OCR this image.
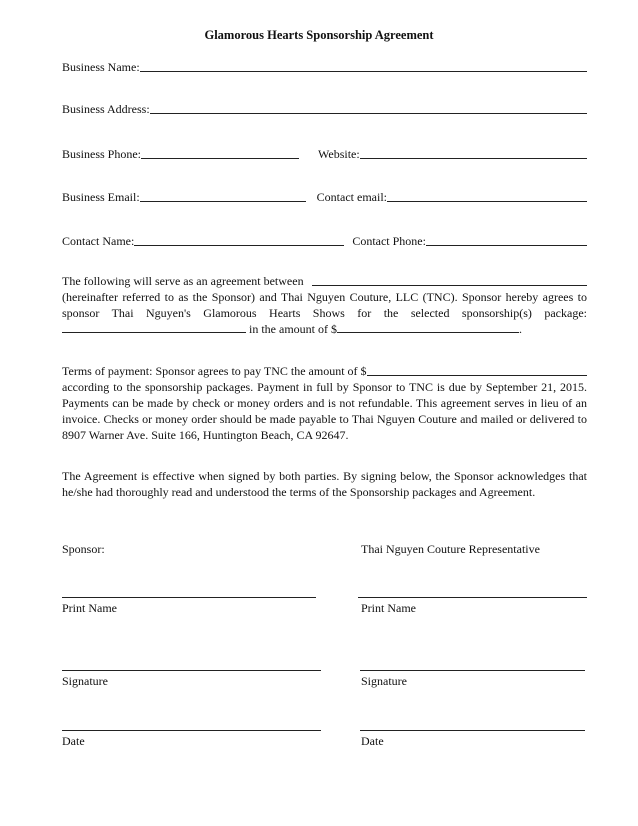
Glamorous Hearts Sponsorship Agreement
Business Name:
Business Address:
Business Phone:	Website:
Business Email:	Contact email:
Contact Name:	Contact Phone:
The following will serve as an agreement between

(hereinafter referred to as the Sponsor) and Thai Nguyen Couture, LLC (TNC). Sponsor hereby agrees to sponsor Thai Nguyen's Glamorous Hearts Shows for the selected sponsorship(s) package:  in the amount of $	.

Terms of payment: Sponsor agrees to pay TNC the amount of $

according to the sponsorship packages. Payment in full by Sponsor to TNC is due by September 21, 2015. Payments can be made by check or money orders and is not refundable. This agreement serves in lieu of an invoice. Checks or money order should be made payable to Thai Nguyen Couture and mailed or delivered to 8907 Warner Ave. Suite 166, Huntington Beach, CA 92647.

The Agreement is effective when signed by both parties. By signing below, the Sponsor acknowledges that he/she had thoroughly read and understood the terms of the Sponsorship packages and Agreement.

Sponsor:	Thai Nguyen Couture Representative
Print Name	Print Name
Signature	Signature
Date	Date
